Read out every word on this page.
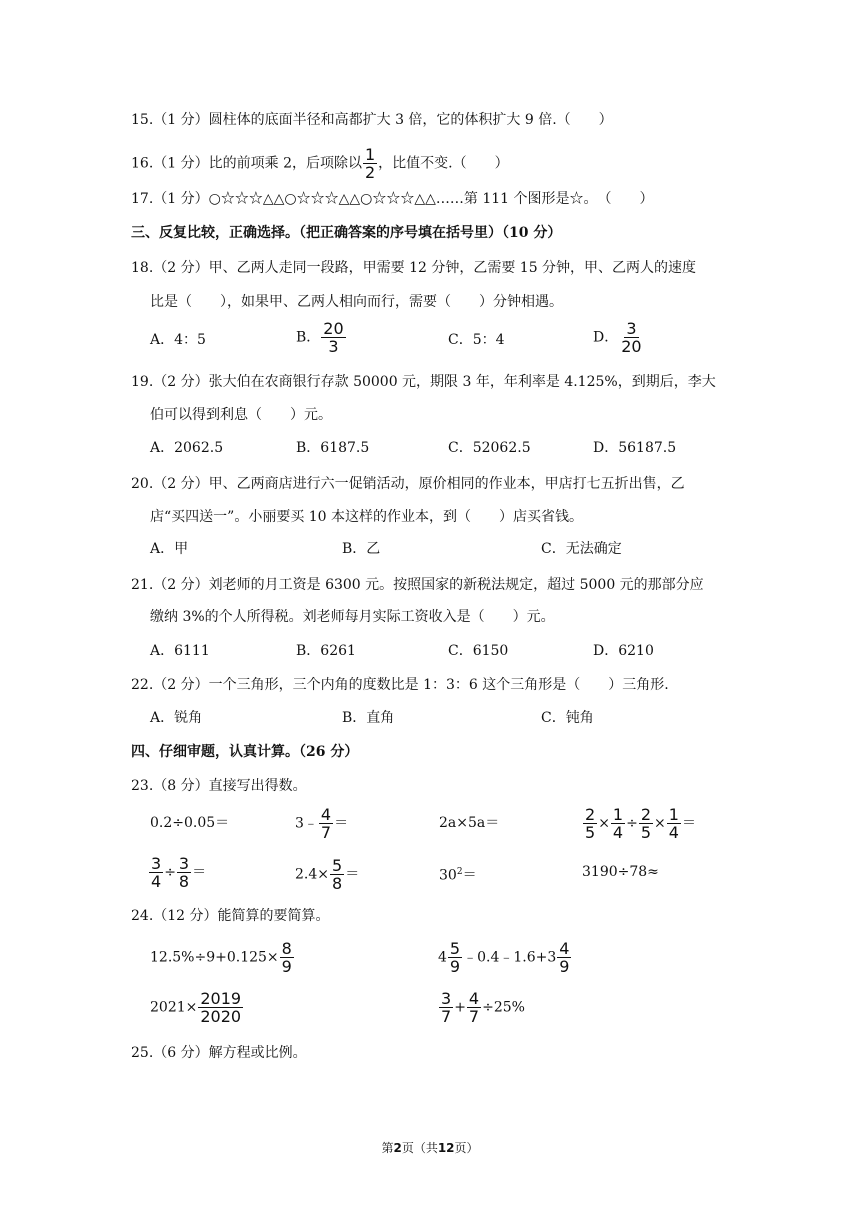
15.（1 分）圆柱体的底面半径和高都扩大 3 倍，它的体积扩大 9 倍.（　　）
16.（1 分）比的前项乘 2，后项除以 $\frac{1}{2}$ ，比值不变.（　　）
17.（1 分）○☆☆☆△△○☆☆☆△△○☆☆☆△△……第 111 个图形是☆。　（　　）
三、反复比较，正确选择。（把正确答案的序号填在括号里）（10 分）
18.（2 分）甲、乙两人走同一段路，甲需要 12 分钟，乙需要 15 分钟，甲、乙两人的速度
比是（　　），如果甲、乙两人相向而行，需要（　　）分钟相遇。
A．4：5	B． $\frac{20}{3}$	C．5：4	D． $\frac{3}{20}$
19.（2 分）张大伯在农商银行存款 50000 元，期限 3 年，年利率是 4.125%，到期后，李大
伯可以得到利息（　　）元。
A．2062.5	B．6187.5	C．52062.5	D．56187.5
20.（2 分）甲、乙两商店进行六一促销活动，原价相同的作业本，甲店打七五折出售，乙
店“买四送一”。小丽要买 10 本这样的作业本，到（　　）店买省钱。
A．甲	B．乙	C．无法确定
21.（2 分）刘老师的月工资是 6300 元。按照国家的新税法规定，超过 5000 元的那部分应
缴纳 3%的个人所得税。刘老师每月实际工资收入是（　　）元。
A．6111	B．6261	C．6150	D．6210
22.（2 分）一个三角形，三个内角的度数比是 1：3：6 这个三角形是（　　）三角形.
A．锐角	B．直角	C．钝角
四、仔细审题，认真计算。（26 分）
23.（8 分）直接写出得数。
0.2÷0.05＝	3﹣ $\frac{4}{7}$ ＝	2a×5a＝	$\frac{2}{5} \times \frac{1}{4} \div \frac{2}{5} \times \frac{1}{4}$ ＝
$\frac{3}{4} \div \frac{3}{8}$ ＝	$2.4\times \frac{5}{8}$ ＝	$30^2=$	3190÷78≈
24.（12 分）能简算的要简算。
$12.5\%\div 9+0.125\times \frac{8}{9}$	$4 \frac{5}{9}$ ﹣0.4﹣1.6+3 $\frac{4}{9}$
$2021\times \frac{2019}{2020}$	$\frac{3}{7} + \frac{4}{7} \div 25\%$
25.（6 分）解方程或比例。
第2页（共12页）
